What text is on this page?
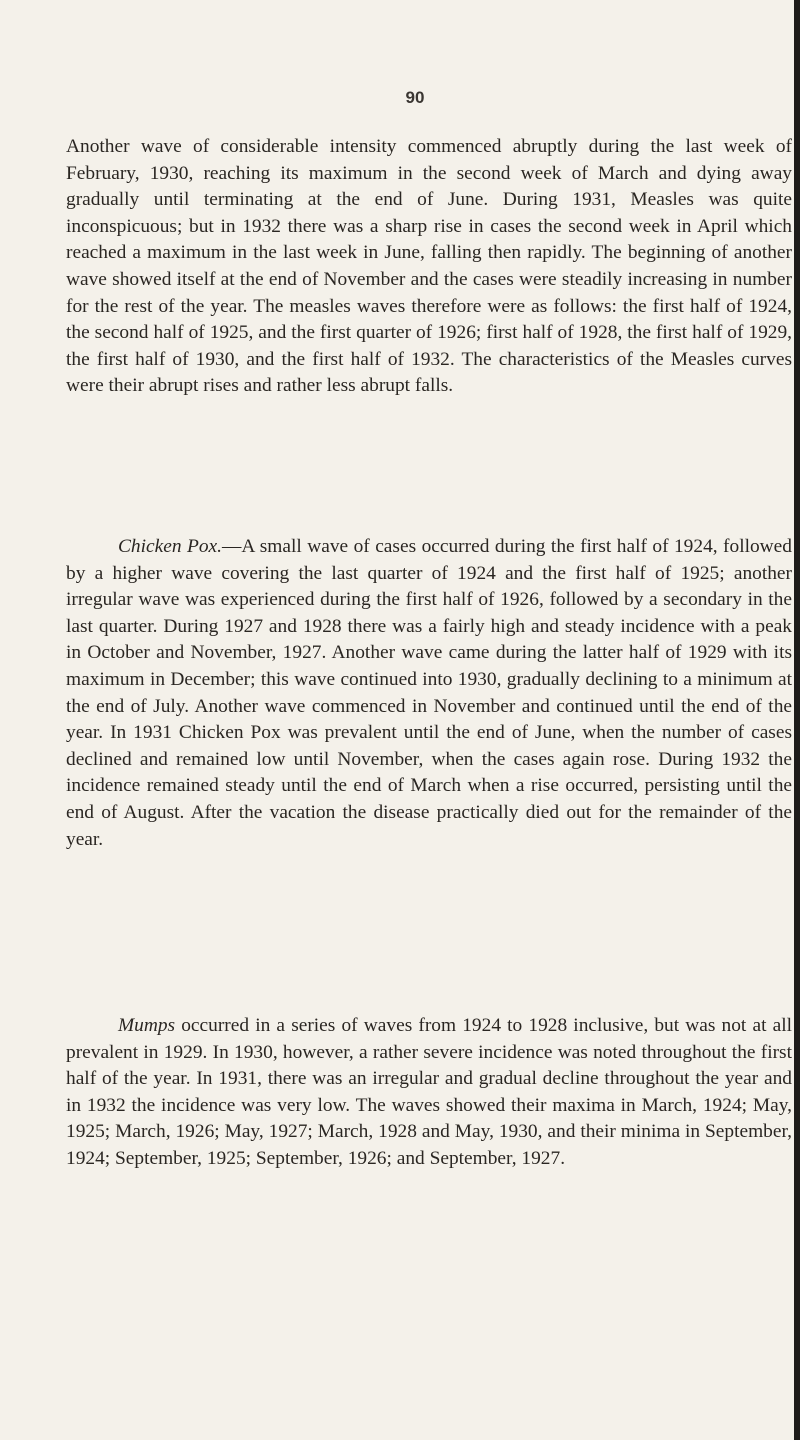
90

Another wave of considerable intensity commenced abruptly during the last week of February, 1930, reaching its maximum in the second week of March and dying away gradually until terminating at the end of June. During 1931, Measles was quite inconspicuous; but in 1932 there was a sharp rise in cases the second week in April which reached a maximum in the last week in June, falling then rapidly. The beginning of another wave showed itself at the end of November and the cases were steadily increasing in number for the rest of the year. The measles waves therefore were as follows: the first half of 1924, the second half of 1925, and the first quarter of 1926; first half of 1928, the first half of 1929, the first half of 1930, and the first half of 1932. The characteristics of the Measles curves were their abrupt rises and rather less abrupt falls.

Chicken Pox.—A small wave of cases occurred during the first half of 1924, followed by a higher wave covering the last quarter of 1924 and the first half of 1925; another irregular wave was experienced during the first half of 1926, followed by a secondary in the last quarter. During 1927 and 1928 there was a fairly high and steady incidence with a peak in October and November, 1927. Another wave came during the latter half of 1929 with its maximum in December; this wave continued into 1930, gradually declining to a minimum at the end of July. Another wave commenced in November and continued until the end of the year. In 1931 Chicken Pox was prevalent until the end of June, when the number of cases declined and remained low until November, when the cases again rose. During 1932 the incidence remained steady until the end of March when a rise occurred, persisting until the end of August. After the vacation the disease practically died out for the remainder of the year.

Mumps occurred in a series of waves from 1924 to 1928 inclusive, but was not at all prevalent in 1929. In 1930, however, a rather severe incidence was noted throughout the first half of the year. In 1931, there was an irregular and gradual decline throughout the year and in 1932 the incidence was very low. The waves showed their maxima in March, 1924; May, 1925; March, 1926; May, 1927; March, 1928 and May, 1930, and their minima in September, 1924; September, 1925; September, 1926; and September, 1927.
